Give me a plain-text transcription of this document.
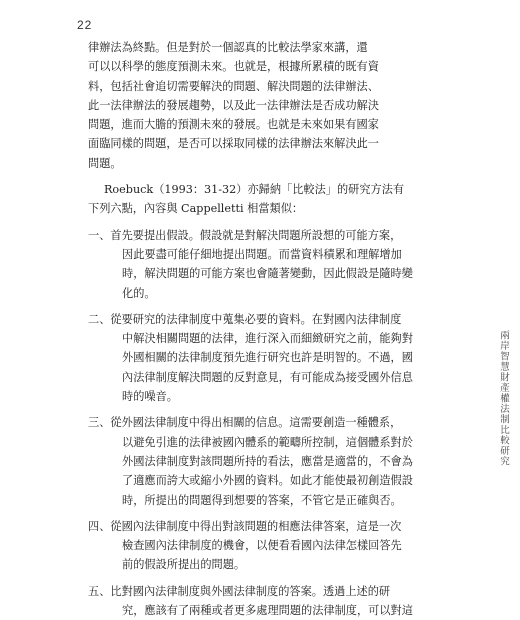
22
律辦法為終點。但是對於一個認真的比較法學家來講，還
可以以科學的態度預測未來。也就是，根據所累積的既有資
料，包括社會追切需要解決的問題、解決問題的法律辦法、
此一法律辦法的發展趨勢，以及此一法律辦法是否成功解決
問題，進而大膽的預測未來的發展。也就是未來如果有國家
面臨同樣的問題，是否可以採取同樣的法律辦法來解決此一
問題。
Roebuck（1993：31-32）亦歸納「比較法」的研究方法有
下列六點，內容與 Cappelletti 相當類似：
一、首先要提出假設。假設就是對解決問題所設想的可能方案，
因此要盡可能仔細地提出問題。而當資料積累和理解增加
時，解決問題的可能方案也會隨著變動，因此假設是隨時變
化的。
二、從要研究的法律制度中蒐集必要的資料。在對國內法律制度
中解決相關問題的法律，進行深入而細緻研究之前，能夠對
外國相關的法律制度預先進行研究也許是明智的。不過，國
內法律制度解決問題的反對意見，有可能成為接受國外信息
時的噪音。
三、從外國法律制度中得出相關的信息。這需要創造一種體系，
以避免引進的法律被國內體系的範疇所控制，這個體系對於
外國法律制度對該問題所持的看法，應當是適當的，不會為
了適應而誇大或縮小外國的資料。如此才能使最初創造假設
時，所提出的問題得到想要的答案，不管它是正確與否。
四、從國內法律制度中得出對該問題的相應法律答案，這是一次
檢查國內法律制度的機會，以便看看國內法律怎樣回答先
前的假設所提出的問題。
五、比對國內法律制度與外國法律制度的答案。透過上述的研
究，應該有了兩種或者更多處理問題的法律制度，可以對這
兩岸智慧財產權法制比較研究
